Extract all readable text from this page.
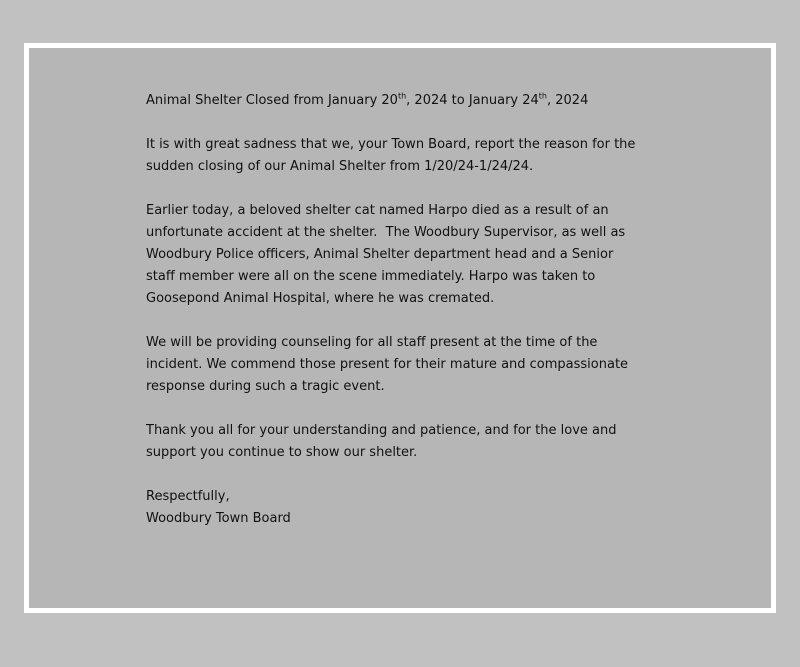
Animal Shelter Closed from January 20th, 2024 to January 24th, 2024
It is with great sadness that we, your Town Board, report the reason for the
sudden closing of our Animal Shelter from 1/20/24-1/24/24.
Earlier today, a beloved shelter cat named Harpo died as a result of an
unfortunate accident at the shelter.  The Woodbury Supervisor, as well as
Woodbury Police officers, Animal Shelter department head and a Senior
staff member were all on the scene immediately. Harpo was taken to
Goosepond Animal Hospital, where he was cremated.
We will be providing counseling for all staff present at the time of the
incident. We commend those present for their mature and compassionate
response during such a tragic event.
Thank you all for your understanding and patience, and for the love and
support you continue to show our shelter.
Respectfully,
Woodbury Town Board
